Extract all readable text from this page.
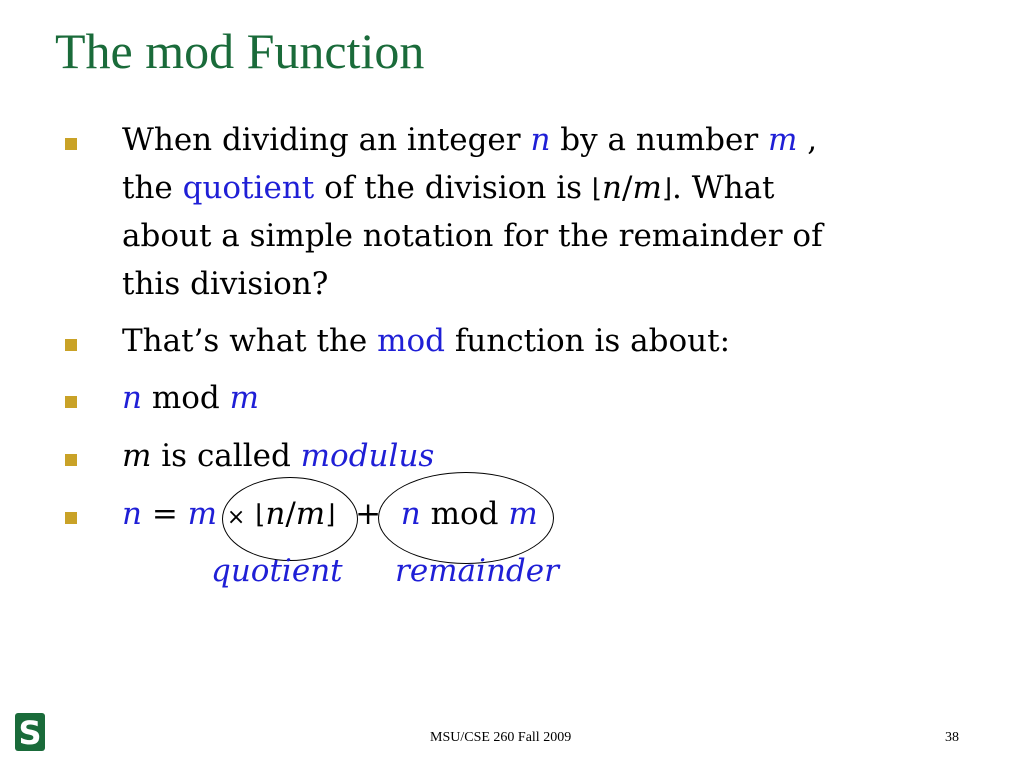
The mod Function
When dividing an integer n by a number m ,
the quotient of the division is ⌊n/m⌋. What
about a simple notation for the remainder of
this division?
That’s what the mod function is about:
n mod m
m is called modulus
n = m × ⌊n/m⌋ + n mod m
quotient remainder
S	MSU/CSE 260 Fall 2009	38
